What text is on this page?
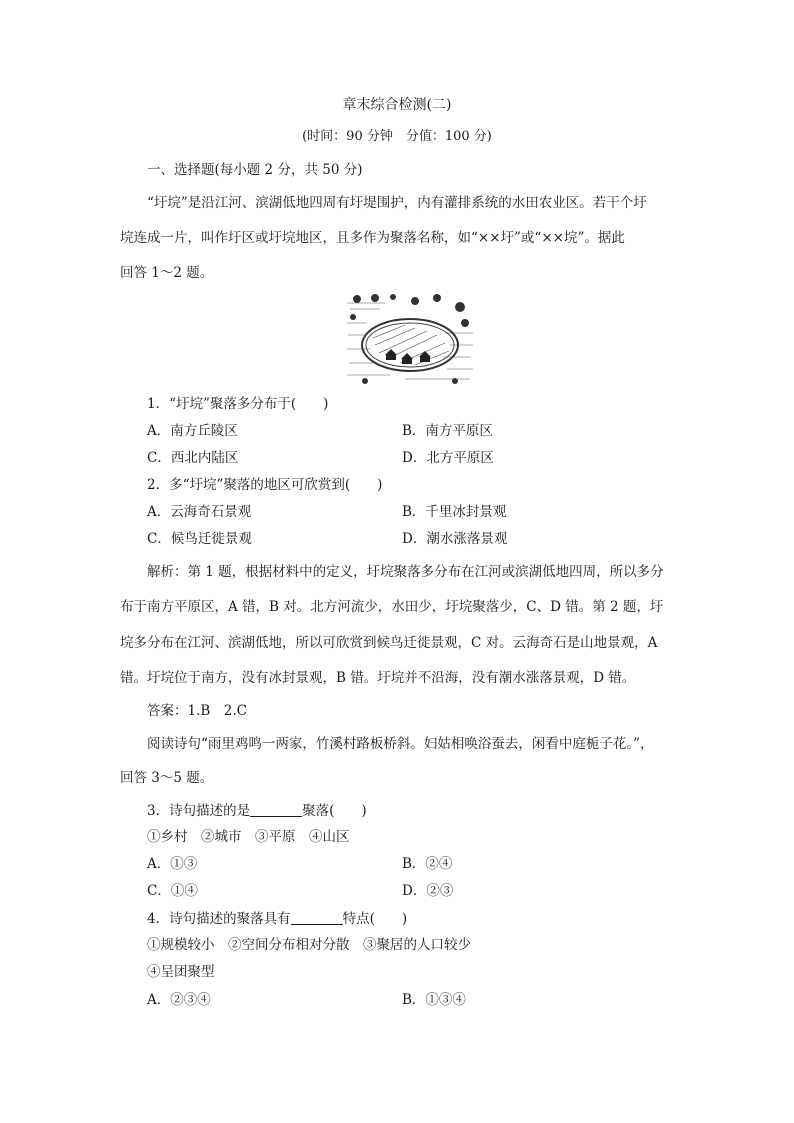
章末综合检测(二)
(时间：90 分钟　分值：100 分)
一、选择题(每小题 2 分，共 50 分)
“圩垸”是沿江河、滨湖低地四周有圩堤围护，内有灌排系统的水田农业区。若干个圩
垸连成一片，叫作圩区或圩垸地区，且多作为聚落名称，如“××圩”或“××垸”。据此
回答 1～2 题。
1．“圩垸”聚落多分布于(　　)
A．南方丘陵区	B．南方平原区
C．西北内陆区	D．北方平原区
2．多“圩垸”聚落的地区可欣赏到(　　)
A．云海奇石景观	B．千里冰封景观
C．候鸟迁徙景观	D．潮水涨落景观
解析：第 1 题，根据材料中的定义，圩垸聚落多分布在江河或滨湖低地四周，所以多分
布于南方平原区，A 错，B 对。北方河流少，水田少，圩垸聚落少，C、D 错。第 2 题，圩
垸多分布在江河、滨湖低地，所以可欣赏到候鸟迁徙景观，C 对。云海奇石是山地景观，A
错。圩垸位于南方，没有冰封景观，B 错。圩垸并不沿海，没有潮水涨落景观，D 错。
答案：1.B　2.C
阅读诗句“雨里鸡鸣一两家，竹溪村路板桥斜。妇姑相唤浴蚕去，闲看中庭栀子花。”，
回答 3～5 题。
3．诗句描述的是	聚落(　　)
①乡村　②城市　③平原　④山区
A．①③	B．②④
C．①④	D．②③
4．诗句描述的聚落具有	特点(　　)
①规模较小　②空间分布相对分散　③聚居的人口较少
④呈团聚型
A．②③④	B．①③④
